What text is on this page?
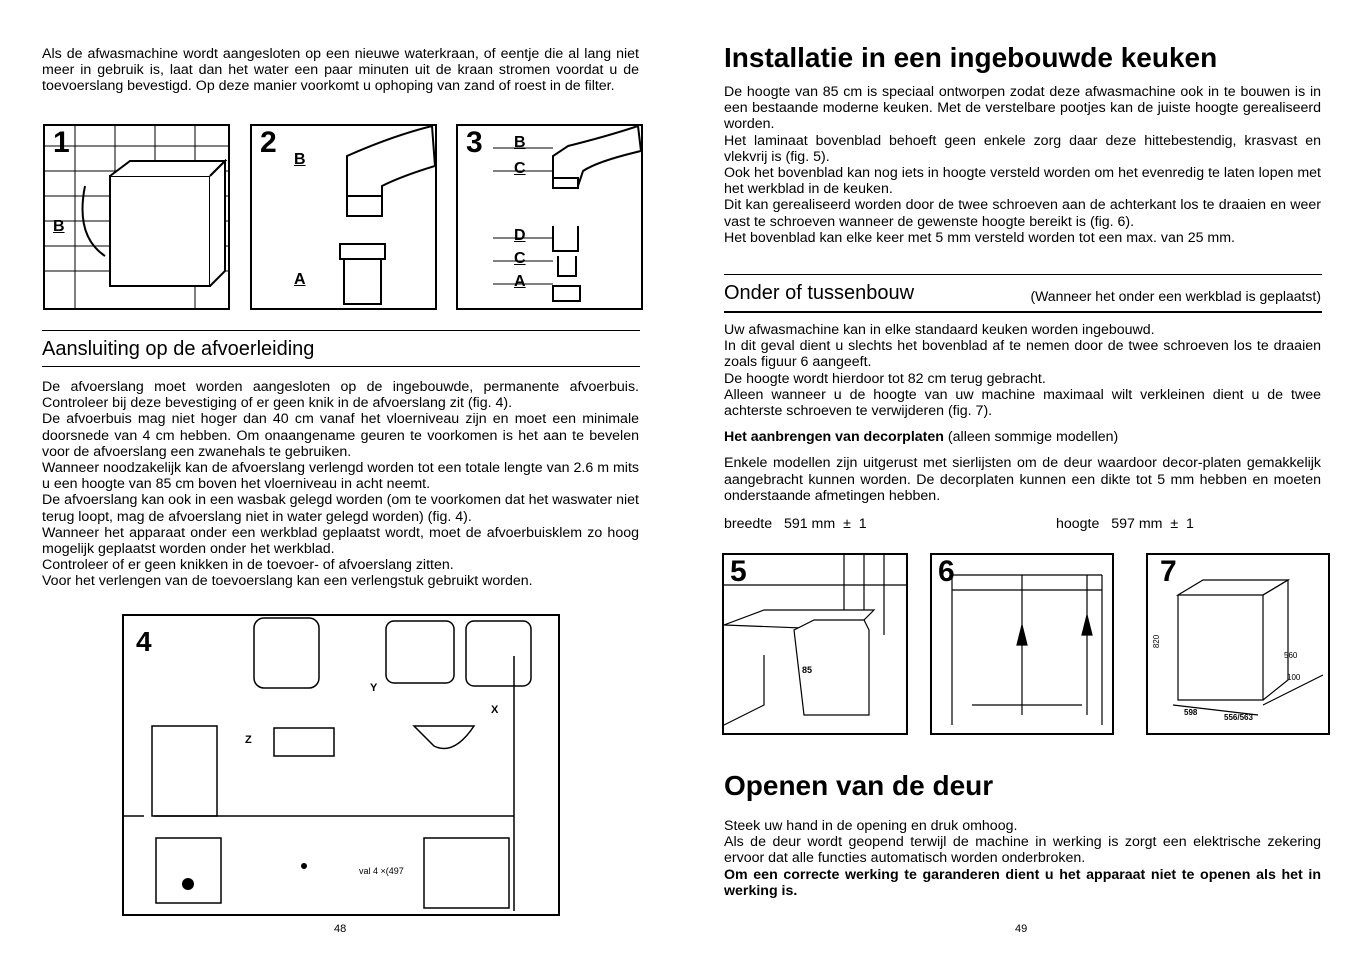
Als de afwasmachine wordt aangesloten op een nieuwe waterkraan, of eentje die al lang niet meer in gebruik is, laat dan het water een paar minuten uit de kraan stromen voordat u de toevoerslang bevestigd. Op deze manier voorkomt u ophoping van zand of roest in de filter.

1
B
2
B
A
3 B
C
D
C
A
Aansluiting op de afvoerleiding

De afvoerslang moet worden aangesloten op de ingebouwde, permanente afvoerbuis. Controleer bij deze bevestiging of er geen knik in de afvoerslang zit (fig. 4).

De afvoerbuis mag niet hoger dan 40 cm vanaf het vloerniveau zijn en moet een minimale doorsnede van 4 cm hebben. Om onaangename geuren te voorkomen is het aan te bevelen voor de afvoerslang een zwanehals te gebruiken.

Wanneer noodzakelijk kan de afvoerslang verlengd worden tot een totale lengte van 2.6 m mits u een hoogte van 85 cm boven het vloerniveau in acht neemt.

De afvoerslang kan ook in een wasbak gelegd worden (om te voorkomen dat het waswater niet terug loopt, mag de afvoerslang niet in water gelegd worden) (fig. 4).

Wanneer het apparaat onder een werkblad geplaatst wordt, moet de afvoerbuisklem zo hoog mogelijk geplaatst worden onder het werkblad.

Controleer of er geen knikken in de toevoer- of afvoerslang zitten.

Voor het verlengen van de toevoerslang kan een verlengstuk gebruikt worden.

val 4 ×(497
4
Z
Y
X
48
Installatie in een ingebouwde keuken

De hoogte van 85 cm is speciaal ontworpen zodat deze afwasmachine ook in te bouwen is in een bestaande moderne keuken. Met de verstelbare pootjes kan de juiste hoogte gerealiseerd worden.

Het laminaat bovenblad behoeft geen enkele zorg daar deze hittebestendig, krasvast en vlekvrij is (fig. 5).

Ook het bovenblad kan nog iets in hoogte versteld worden om het evenredig te laten lopen met het werkblad in de keuken.

Dit kan gerealiseerd worden door de twee schroeven aan de achterkant los te draaien en weer vast te schroeven wanneer de gewenste hoogte bereikt is (fig. 6).

Het bovenblad kan elke keer met 5 mm versteld worden tot een max. van 25 mm.

Onder of tussenbouw	(Wanneer het onder een werkblad is geplaatst)

Uw afwasmachine kan in elke standaard keuken worden ingebouwd.

In dit geval dient u slechts het bovenblad af te nemen door de twee schroeven los te draaien zoals figuur 6 aangeeft.

De hoogte wordt hierdoor tot 82 cm terug gebracht.

Alleen wanneer u de hoogte van uw machine maximaal wilt verkleinen dient u de twee achterste schroeven te verwijderen (fig. 7).

Het aanbrengen van decorplaten (alleen sommige modellen)

Enkele modellen zijn uitgerust met sierlijsten om de deur waardoor decor-platen gemakkelijk aangebracht kunnen worden. De decorplaten kunnen een dikte tot 5 mm hebben en moeten onderstaande afmetingen hebben.

breedte   591 mm  ±  1	hoogte   597 mm  ±  1
5
85
6	7
598
556/563
820
560
100
Openen van de deur

Steek uw hand in de opening en druk omhoog.

Als de deur wordt geopend terwijl de machine in werking is zorgt een elektrische zekering ervoor dat alle functies automatisch worden onderbroken.

Om een correcte werking te garanderen dient u het apparaat niet te openen als het in werking is.

49
